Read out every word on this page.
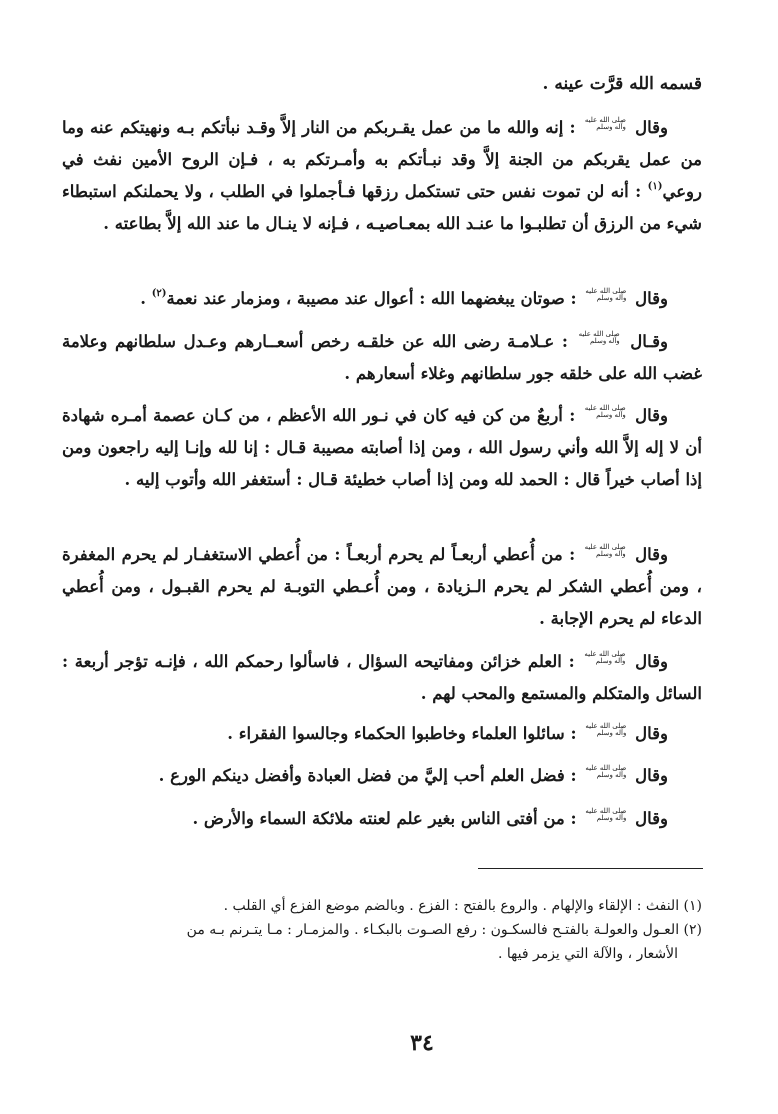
قسمه الله قرَّت عينه .

وقال
صلى الله عليه
وآله وسلم
: إنه والله ما من عمل يقـربكم من النار إلاَّ وقـد نبأتكم بـه ونهيتكم عنه وما من عمل يقربكم من الجنة إلاَّ وقد نبـأتكم به وأمـرتكم به ، فـإن الروح الأمين نفث في روعي$^{(١)}$ : أنه لن تموت نفس حتى تستكمل رزقها فـأجملوا في الطلب ، ولا يحملنكم استبطاء شيء من الرزق أن تطلبـوا ما عنـد الله بمعـاصيـه ، فـإنه لا ينـال ما عند الله إلاَّ بطاعته .

وقال
صلى الله عليه
وآله وسلم
: صوتان يبغضهما الله : أعوال عند مصيبة ، ومزمار عند نعمة$^{(٢)}$ .

وقـال
صلى الله عليه
وآله وسلم
: عـلامـة رضى الله عن خلقـه رخص أسعــارهم وعـدل سلطانهم وعلامة غضب الله على خلقه جور سلطانهم وغلاء أسعارهم .

وقال
صلى الله عليه
وآله وسلم
: أربعٌ من كن فيه كان في نـور الله الأعظم ، من كـان عصمة أمـره شهادة أن لا إله إلاَّ الله وأني رسول الله ، ومن إذا أصابته مصيبة قـال : إنا لله وإنـا إليه راجعون ومن إذا أصاب خيراً قال : الحمد لله ومن إذا أصاب خطيئة قـال : أستغفر الله وأتوب إليه .

وقال
صلى الله عليه
وآله وسلم
: من أُعطي أربعـاً لم يحرم أربعـاً : من أُعطي الاستغفـار لم يحرم المغفرة ، ومن أُعطي الشكر لم يحرم الـزيادة ، ومن أُعـطي التوبـة لم يحرم القبـول ، ومن أُعطي الدعاء لم يحرم الإجابة .

وقال
صلى الله عليه
وآله وسلم
: العلم خزائن ومفاتيحه السؤال ، فاسألوا رحمكم الله ، فإنـه تؤجر أربعة : السائل والمتكلم والمستمع والمحب لهم .

وقال
صلى الله عليه
وآله وسلم
: سائلوا العلماء وخاطبوا الحكماء وجالسوا الفقراء .

وقال
صلى الله عليه
وآله وسلم
: فضل العلم أحب إليَّ من فضل العبادة وأفضل دينكم الورع .

وقال
صلى الله عليه
وآله وسلم
: من أفتى الناس بغير علم لعنته ملائكة السماء والأرض .

(١) النفث : الإلقاء والإلهام . والروع بالفتح : الفزع . وبالضم موضع الفزع أي القلب .
(٢) العـول والعولـة بالفتـح فالسكـون : رفع الصـوت بالبكـاء . والمزمـار : مـا يتـرنم بـه من
الأشعار ، والآلة التي يزمر فيها .
٣٤
